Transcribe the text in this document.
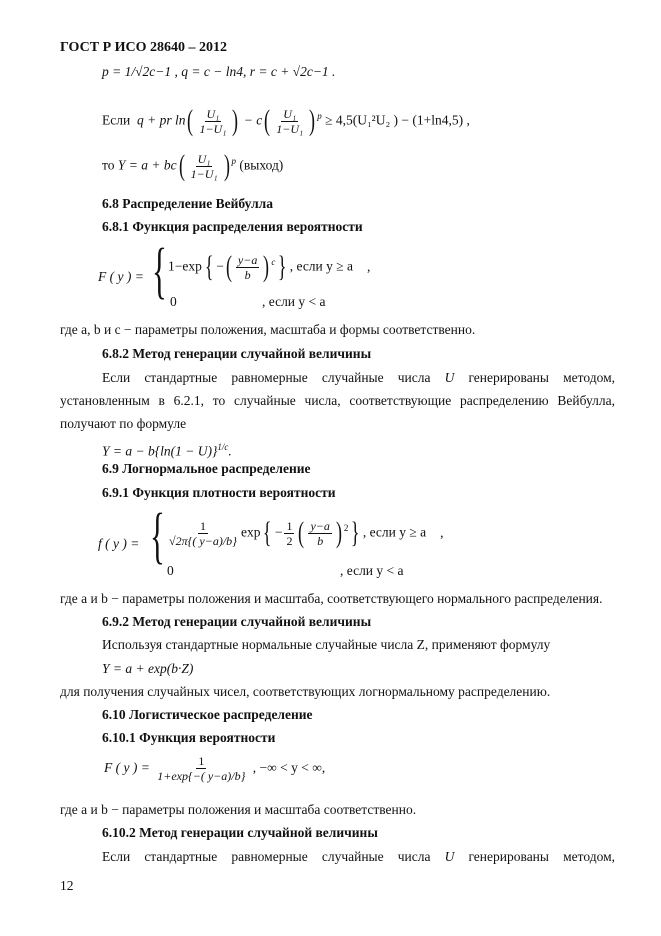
ГОСТ Р ИСО 28640 – 2012
p = 1/√2c−1 , q = c − ln4, r = c + √2c−1 .
Если q + pr $\ln( \frac{\text{U₁}}{\text{1−U₁}}$ ) − $c( \frac{\text{U₁}}{\text{1−U₁}}$ ) $^p$ ≥ 4,5(U₁²U₂ ) − (1+ln4,5) ,
то $Y = a + bc( \frac{\text{U₁}}{\text{1−U₁}}$ ) $^p$ (выход)
6.8 Распределение Вейбулла
6.8.1 Функция распределения вероятности
F ( y ) = { 1−exp{ −( $\frac{y-a}{b}$ ) $^c$} , если y ≥ a ,
0	, если y < a
где a, b и c − параметры положения, масштаба и формы соответственно.
6.8.2 Метод генерации случайной величины
Если стандартные равномерные случайные числа U генерированы методом,
установленным в 6.2.1, то случайные числа, соответствующие распределению Вейбулла,
получают по формуле
$Y = a - b\{\ln(1 - U)\}^{1/c}$.
6.9 Логнормальное распределение
6.9.1 Функция плотности вероятности
f ( y ) = { $\frac{1}{√2\pi\{( y-a)/b\}} \exp\{ - \frac{1}{2}$ ( $\frac{y-a}{b}$ ) $^2$} , если y ≥ a ,
0	, если y < a
где a и b − параметры положения и масштаба, соответствующего нормального распределения.
6.9.2 Метод генерации случайной величины
Используя стандартные нормальные случайные числа Z, применяют формулу
Y = a + exp(b·Z)
для получения случайных чисел, соответствующих логнормальному распределению.
6.10 Логистическое распределение
6.10.1 Функция вероятности
F ( y ) = $\frac{1}{1+\exp\{-( y-a)/b\}}$ , −∞ < y < ∞,
где a и b − параметры положения и масштаба соответственно.
6.10.2 Метод генерации случайной величины
Если стандартные равномерные случайные числа U генерированы методом,
12
